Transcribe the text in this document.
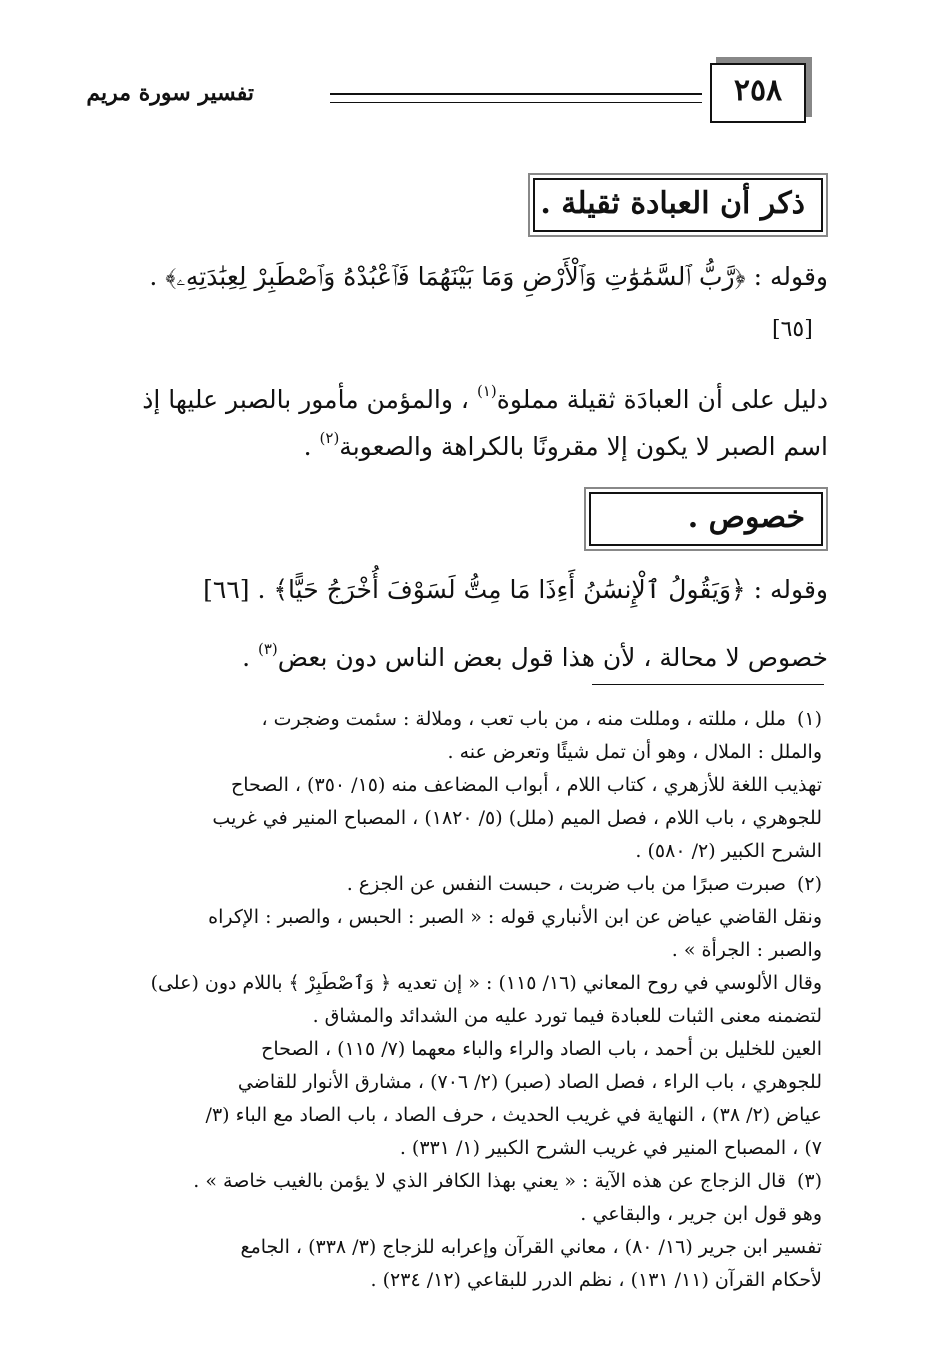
٢٥٨
تفسير سورة مريم
ذكر أن العبادة ثقيلة .
وقوله : ﴿رَّبُّ ٱلسَّمَٰوَٰتِ وَٱلْأَرْضِ وَمَا بَيْنَهُمَا فَٱعْبُدْهُ وَٱصْطَبِرْ لِعِبَٰدَتِهِۦ﴾ .
[٦٥]
دليل على أن العبادَة ثقيلة مملوة$^{(١)}$ ، والمؤمن مأمور بالصبر عليها إذ
اسم الصبر لا يكون إلا مقرونًا بالكراهة والصعوبة$^{(٢)}$ .
خصوص .
وقوله : ﴿وَيَقُولُ ٱلْإِنسَٰنُ أَءِذَا مَا مِتُّ لَسَوْفَ أُخْرَجُ حَيًّا﴾ . [٦٦]
خصوص لا محالة ، لأن هذا قول بعض الناس دون بعض$^{(٣)}$ .
(١)
ملل ، مللته ، ومللت منه ، من باب تعب ، وملالة : سئمت وضجرت ،
والملل : الملال ، وهو أن تمل شيئًا وتعرض عنه .
تهذيب اللغة للأزهري ، كتاب اللام ، أبواب المضاعف منه (١٥/ ٣٥٠) ، الصحاح
للجوهري ، باب اللام ، فصل الميم (ملل) (٥/ ١٨٢٠) ، المصباح المنير في غريب
الشرح الكبير (٢/ ٥٨٠) .
(٢)
صبرت صبرًا من باب ضربت ، حبست النفس عن الجزع .
ونقل القاضي عياض عن ابن الأنباري قوله : « الصبر : الحبس ، والصبر : الإكراه
والصبر : الجرأة » .
وقال الألوسي في روح المعاني (١٦/ ١١٥) : « إن تعديه ﴿ وَٱصْطَبِرْ ﴾ باللام دون (على)
لتضمنه معنى الثبات للعبادة فيما تورد عليه من الشدائد والمشاق .
العين للخليل بن أحمد ، باب الصاد والراء والباء معهما (٧/ ١١٥) ، الصحاح
للجوهري ، باب الراء ، فصل الصاد (صبر) (٢/ ٧٠٦) ، مشارق الأنوار للقاضي
عياض (٢/ ٣٨) ، النهاية في غريب الحديث ، حرف الصاد ، باب الصاد مع الباء (٣/
٧) ، المصباح المنير في غريب الشرح الكبير (١/ ٣٣١) .
(٣)
قال الزجاج عن هذه الآية : « يعني بهذا الكافر الذي لا يؤمن بالغيب خاصة » .
وهو قول ابن جرير ، والبقاعي .
تفسير ابن جرير (١٦/ ٨٠) ، معاني القرآن وإعرابه للزجاج (٣/ ٣٣٨) ، الجامع
لأحكام القرآن (١١/ ١٣١) ، نظم الدرر للبقاعي (١٢/ ٢٣٤) .
